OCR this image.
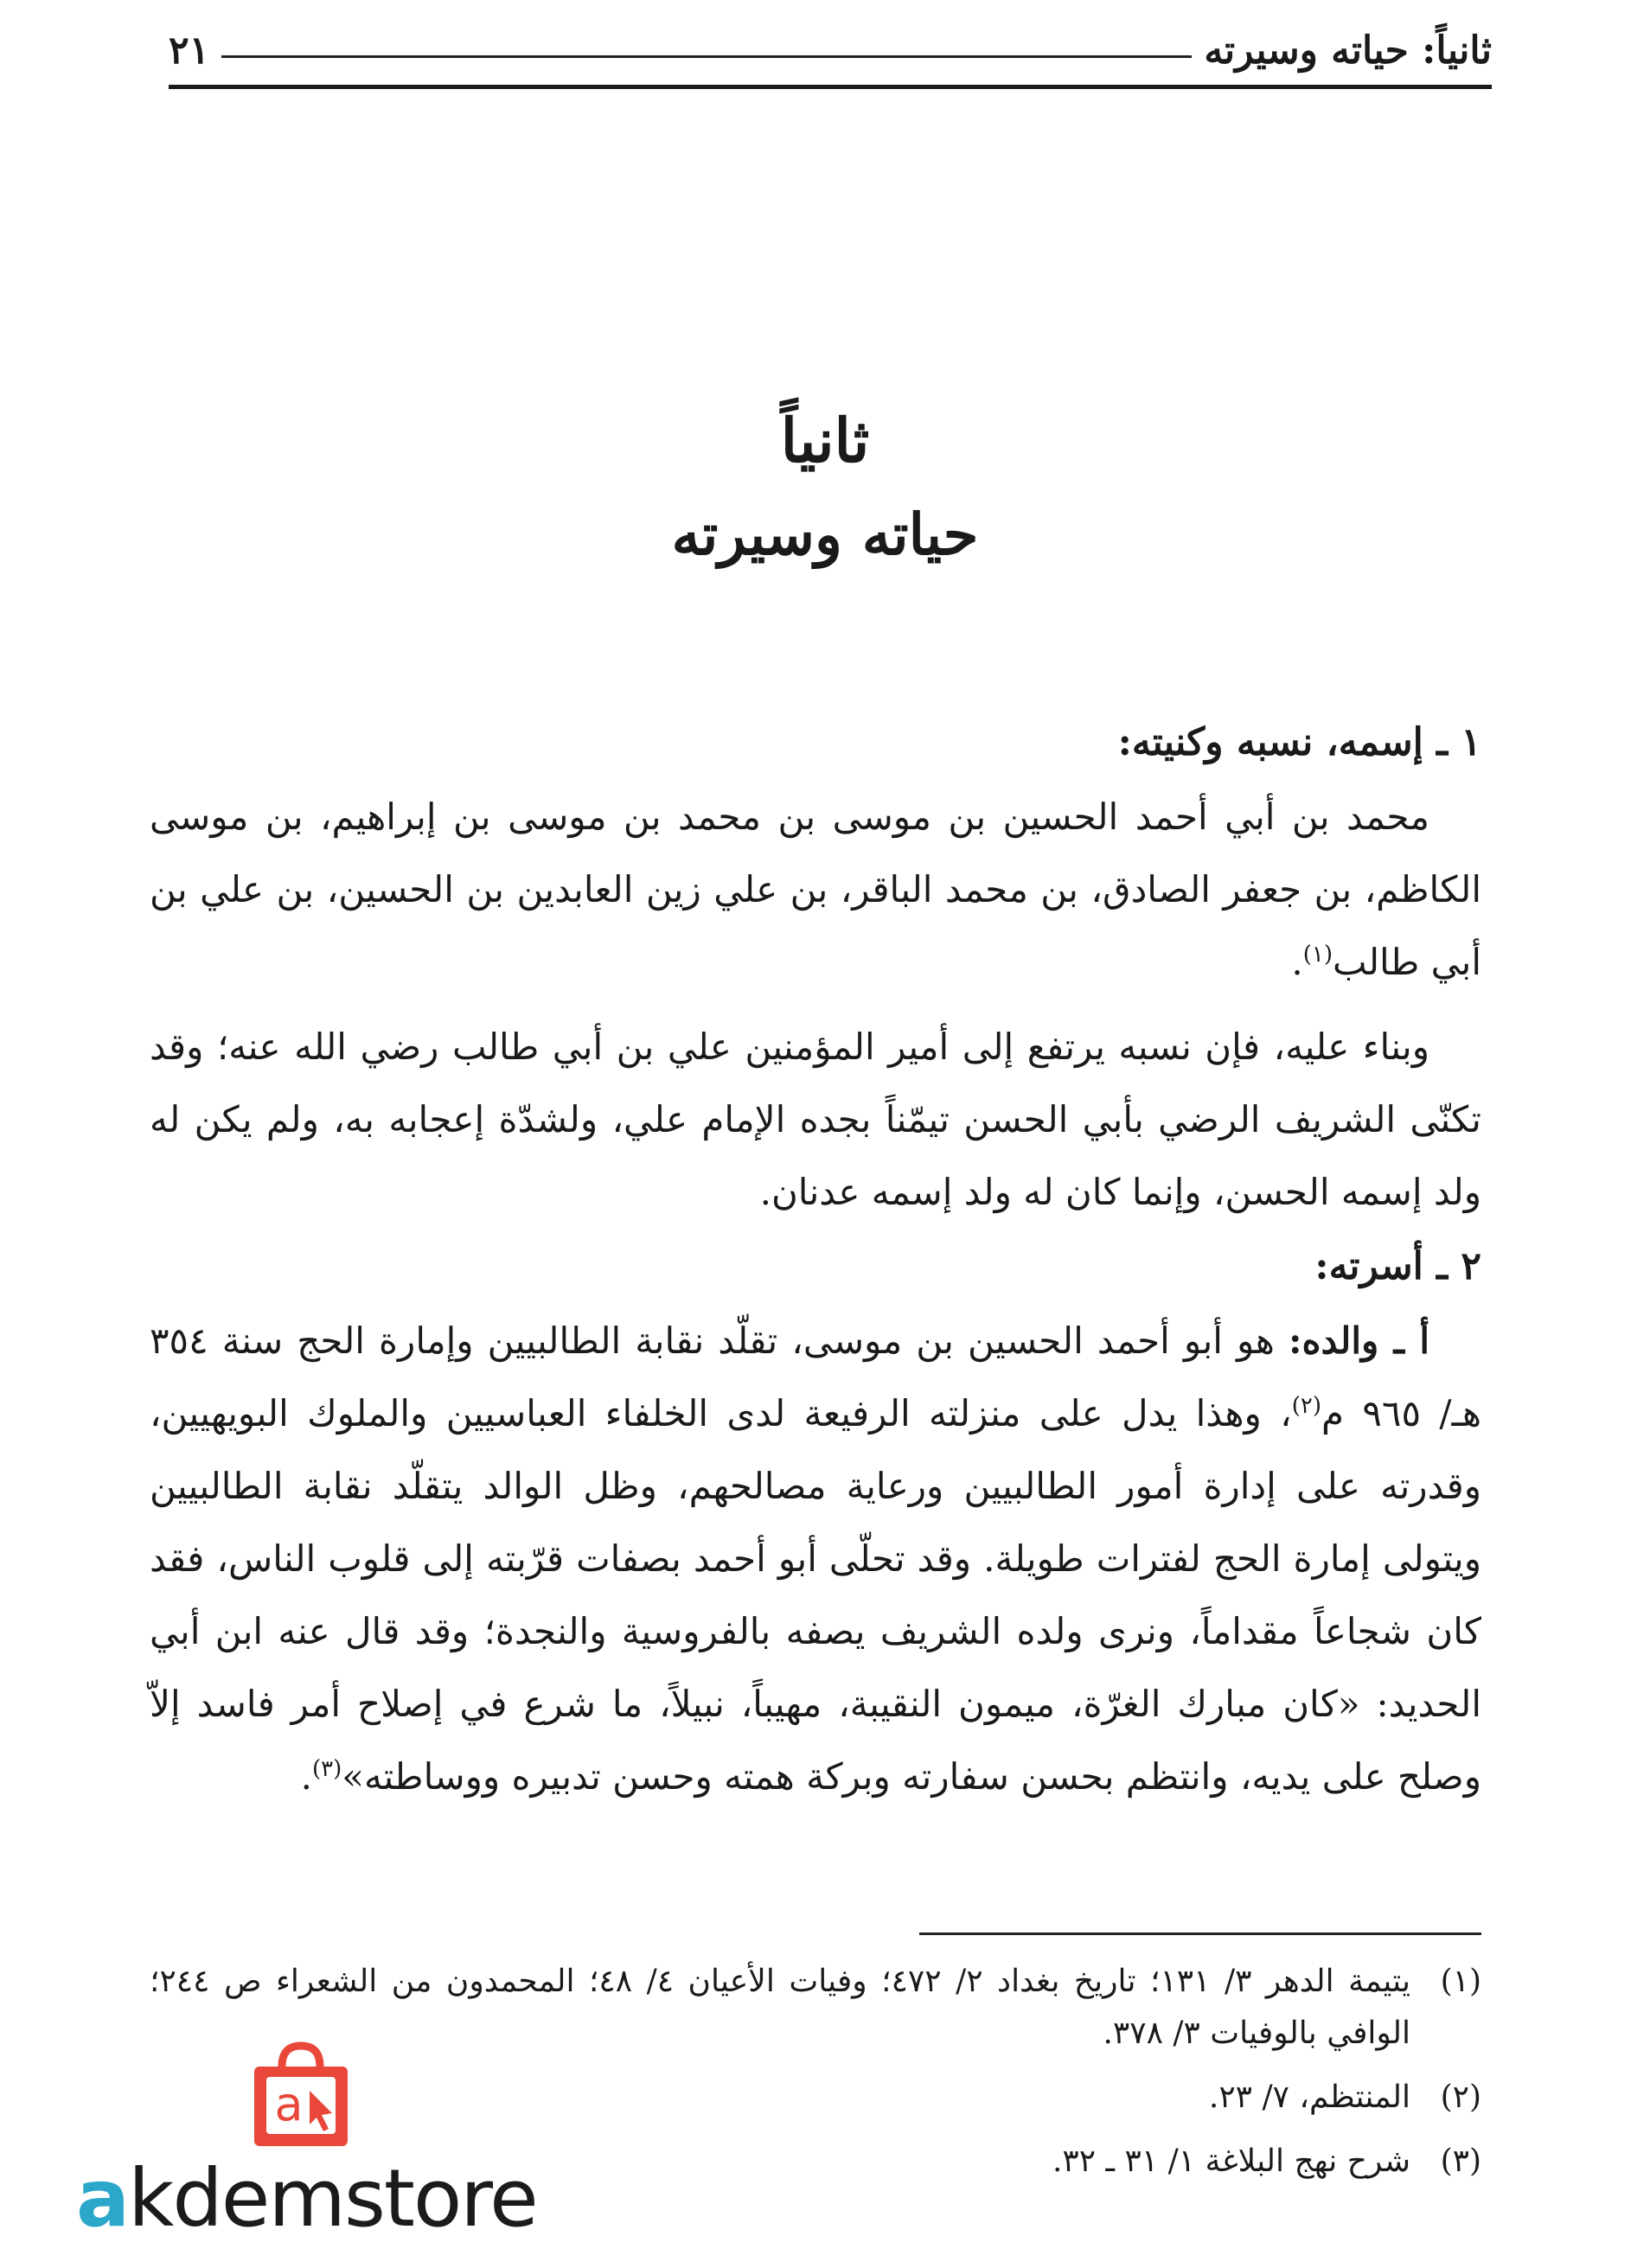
ثانياً: حياته وسيرته
٢١
ثانياً
حياته وسيرته
١ ـ إسمه، نسبه وكنيته:

محمد بن أبي أحمد الحسين بن موسى بن محمد بن موسى بن إبراهيم، بن موسى الكاظم، بن جعفر الصادق، بن محمد الباقر، بن علي زين العابدين بن الحسين، بن علي بن أبي طالب$^{(١)}$.

وبناء عليه، فإن نسبه يرتفع إلى أمير المؤمنين علي بن أبي طالب رضي الله عنه؛ وقد تكنّى الشريف الرضي بأبي الحسن تيمّناً بجده الإمام علي، ولشدّة إعجابه به، ولم يكن له ولد إسمه الحسن، وإنما كان له ولد إسمه عدنان.

٢ ـ أسرته:

أ ـ والده: هو أبو أحمد الحسين بن موسى، تقلّد نقابة الطالبيين وإمارة الحج سنة ٣٥٤ هـ/ ٩٦٥ م$^{(٢)}$، وهذا يدل على منزلته الرفيعة لدى الخلفاء العباسيين والملوك البويهيين، وقدرته على إدارة أمور الطالبيين ورعاية مصالحهم، وظل الوالد يتقلّد نقابة الطالبيين ويتولى إمارة الحج لفترات طويلة. وقد تحلّى أبو أحمد بصفات قرّبته إلى قلوب الناس، فقد كان شجاعاً مقداماً، ونرى ولده الشريف يصفه بالفروسية والنجدة؛ وقد قال عنه ابن أبي الحديد: «كان مبارك الغرّة، ميمون النقيبة، مهيباً، نبيلاً، ما شرع في إصلاح أمر فاسد إلاّ وصلح على يديه، وانتظم بحسن سفارته وبركة همته وحسن تدبيره ووساطته»$^{(٣)}$.

(١)
يتيمة الدهر ٣/ ١٣١؛ تاريخ بغداد ٢/ ٤٧٢؛ وفيات الأعيان ٤/ ٤٨؛ المحمدون من الشعراء ص ٢٤٤؛ الوافي بالوفيات ٣/ ٣٧٨.
(٢)
المنتظم، ٧/ ٢٣.
(٣)
شرح نهج البلاغة ١/ ٣١ ـ ٣٢.
a
akdemstore
